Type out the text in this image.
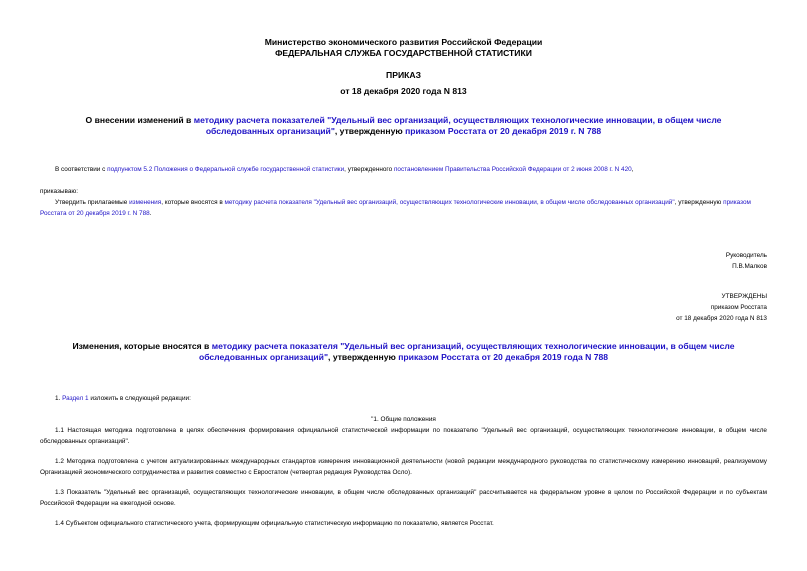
Министерство экономического развития Российской Федерации
ФЕДЕРАЛЬНАЯ СЛУЖБА ГОСУДАРСТВЕННОЙ СТАТИСТИКИ
ПРИКАЗ
от 18 декабря 2020 года N 813
О внесении изменений в методику расчета показателей "Удельный вес организаций, осуществляющих технологические инновации, в общем числе обследованных организаций", утвержденную приказом Росстата от 20 декабря 2019 г. N 788
В соответствии с подпунктом 5.2 Положения о Федеральной службе государственной статистики, утвержденного постановлением Правительства Российской Федерации от 2 июня 2008 г. N 420,
приказываю:
Утвердить прилагаемые изменения, которые вносятся в методику расчета показателя "Удельный вес организаций, осуществляющих технологические инновации, в общем числе обследованных организаций", утвержденную приказом Росстата от 20 декабря 2019 г. N 788.
Руководитель
П.В.Малков
УТВЕРЖДЕНЫ
приказом Росстата
от 18 декабря 2020 года N 813
Изменения, которые вносятся в методику расчета показателя "Удельный вес организаций, осуществляющих технологические инновации, в общем числе обследованных организаций", утвержденную приказом Росстата от 20 декабря 2019 года N 788
1. Раздел 1 изложить в следующей редакции:
"1. Общие положения
1.1 Настоящая методика подготовлена в целях обеспечения формирования официальной статистической информации по показателю "Удельный вес организаций, осуществляющих технологические инновации, в общем числе обследованных организаций".
1.2 Методика подготовлена с учетом актуализированных международных стандартов измерения инновационной деятельности (новой редакции международного руководства по статистическому измерению инноваций, реализуемому Организацией экономического сотрудничества и развития совместно с Евростатом (четвертая редакция Руководства Осло).
1.3 Показатель "Удельный вес организаций, осуществляющих технологические инновации, в общем числе обследованных организаций" рассчитывается на федеральном уровне в целом по Российской Федерации и по субъектам Российской Федерации на ежегодной основе.
1.4 Субъектом официального статистического учета, формирующим официальную статистическую информацию по показателю, является Росстат.
